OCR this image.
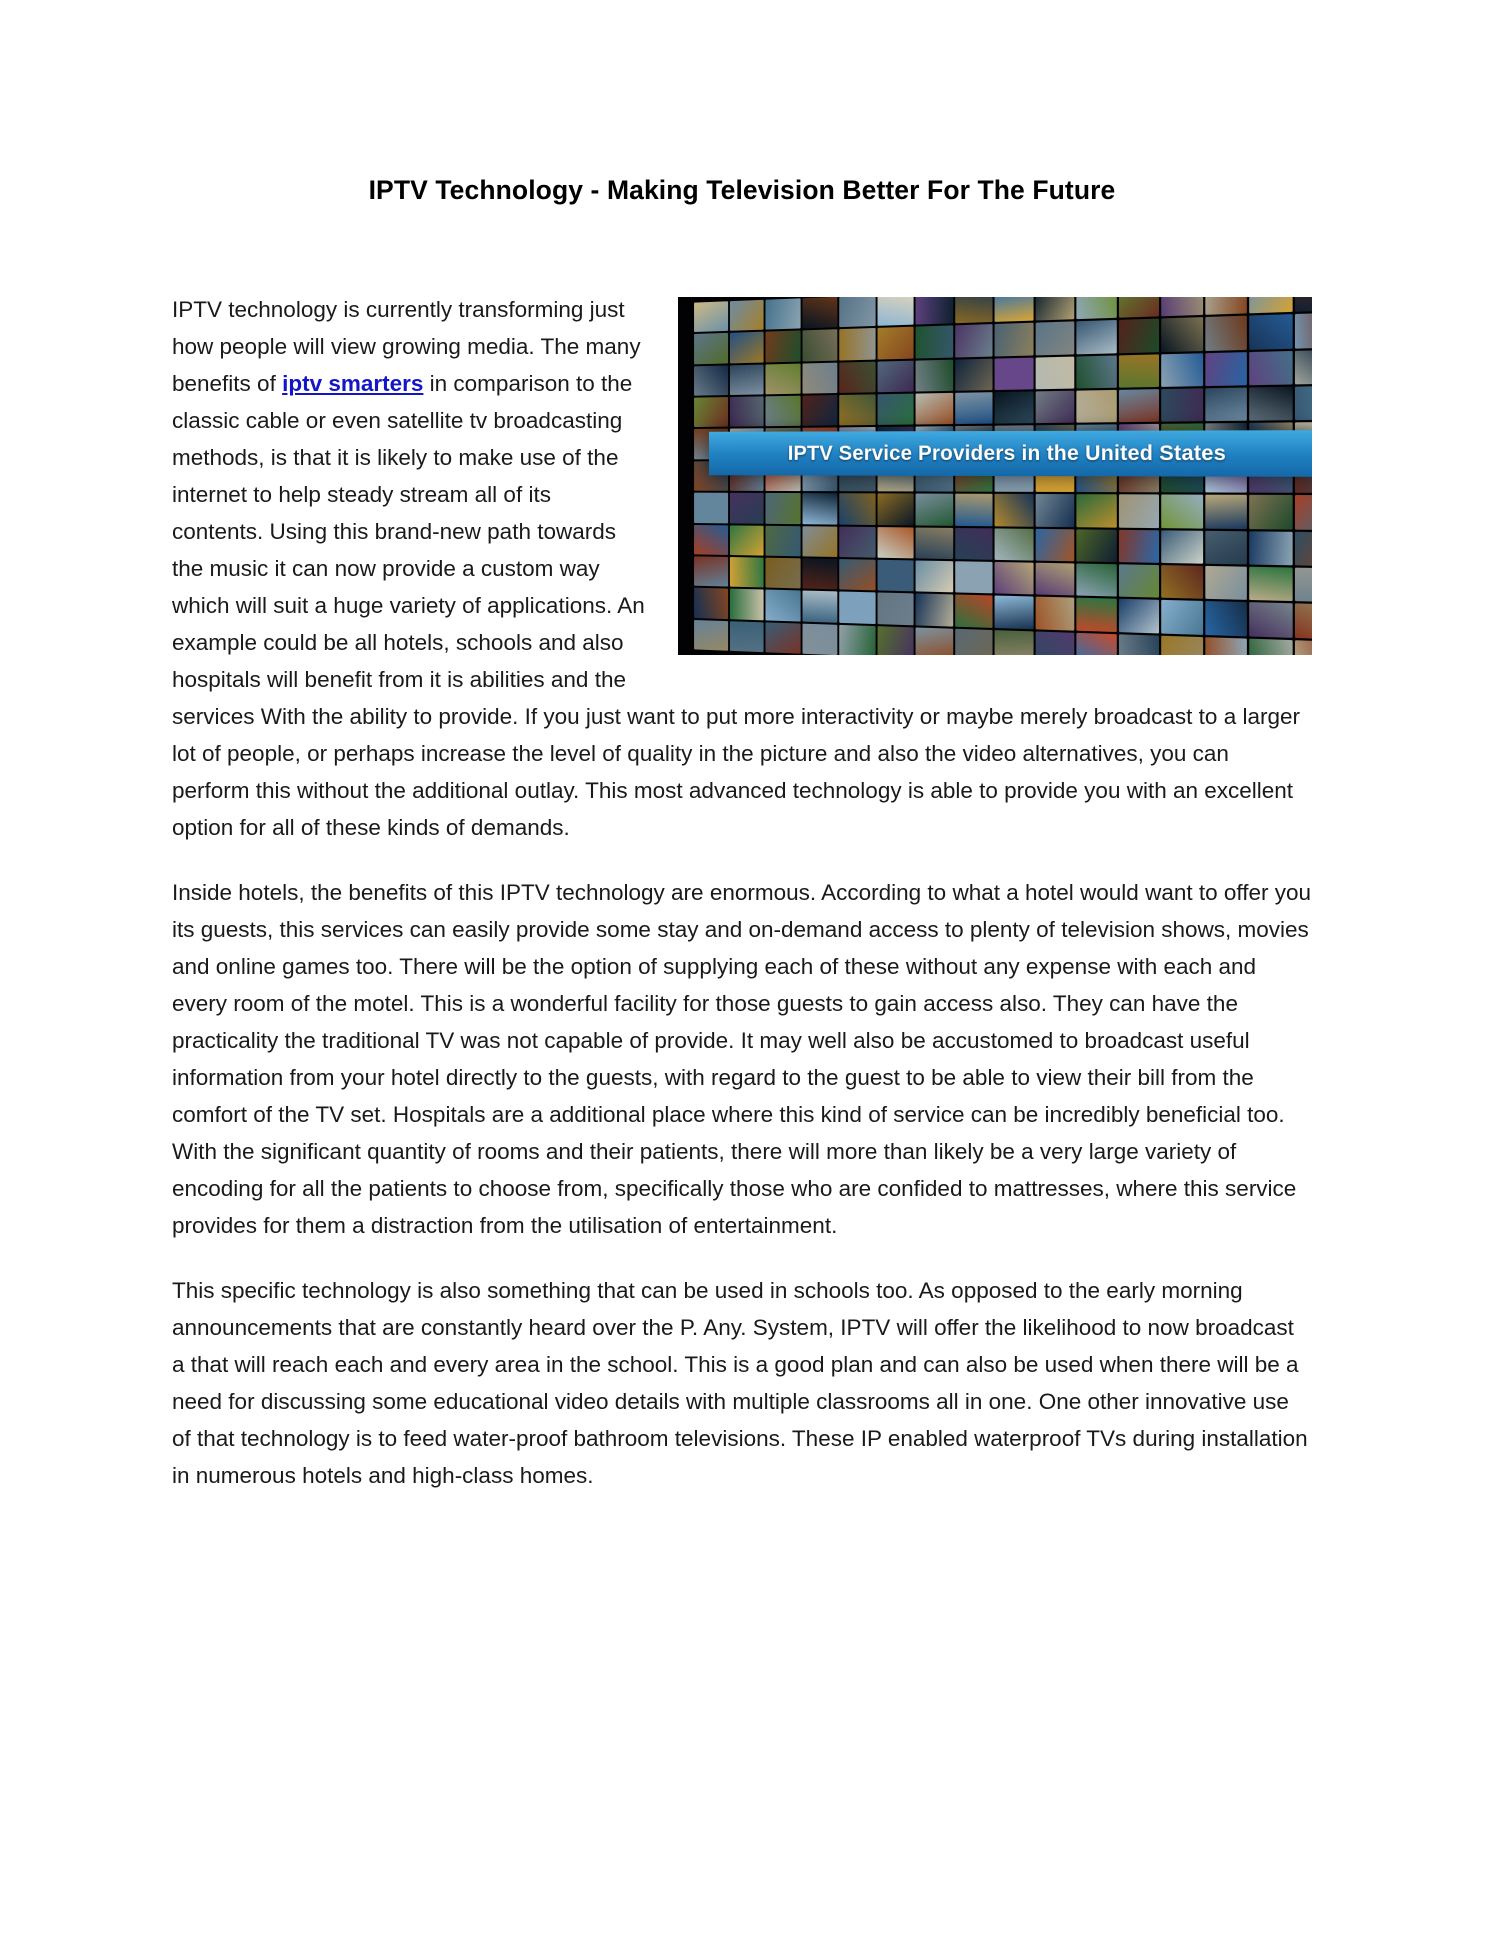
IPTV Technology - Making Television Better For The Future
IPTV Service Providers in the United States

IPTV technology is currently transforming just how people will view growing media. The many benefits of iptv smarters in comparison to the classic cable or even satellite tv broadcasting methods, is that it is likely to make use of the internet to help steady stream all of its contents. Using this brand-new path towards the music it can now provide a custom way which will suit a huge variety of applications. An example could be all hotels, schools and also hospitals will benefit from it is abilities and the services With the ability to provide. If you just want to put more interactivity or maybe merely broadcast to a larger lot of people, or perhaps increase the level of quality in the picture and also the video alternatives, you can perform this without the additional outlay. This most advanced technology is able to provide you with an excellent option for all of these kinds of demands.

Inside hotels, the benefits of this IPTV technology are enormous. According to what a hotel would want to offer you its guests, this services can easily provide some stay and on-demand access to plenty of television shows, movies and online games too. There will be the option of supplying each of these without any expense with each and every room of the motel. This is a wonderful facility for those guests to gain access also. They can have the practicality the traditional TV was not capable of provide. It may well also be accustomed to broadcast useful information from your hotel directly to the guests, with regard to the guest to be able to view their bill from the comfort of the TV set. Hospitals are a additional place where this kind of service can be incredibly beneficial too. With the significant quantity of rooms and their patients, there will more than likely be a very large variety of encoding for all the patients to choose from, specifically those who are confided to mattresses, where this service provides for them a distraction from the utilisation of entertainment.

This specific technology is also something that can be used in schools too. As opposed to the early morning announcements that are constantly heard over the P. Any. System, IPTV will offer the likelihood to now broadcast a that will reach each and every area in the school. This is a good plan and can also be used when there will be a need for discussing some educational video details with multiple classrooms all in one. One other innovative use of that technology is to feed water-proof bathroom televisions. These IP enabled waterproof TVs during installation in numerous hotels and high-class homes.
